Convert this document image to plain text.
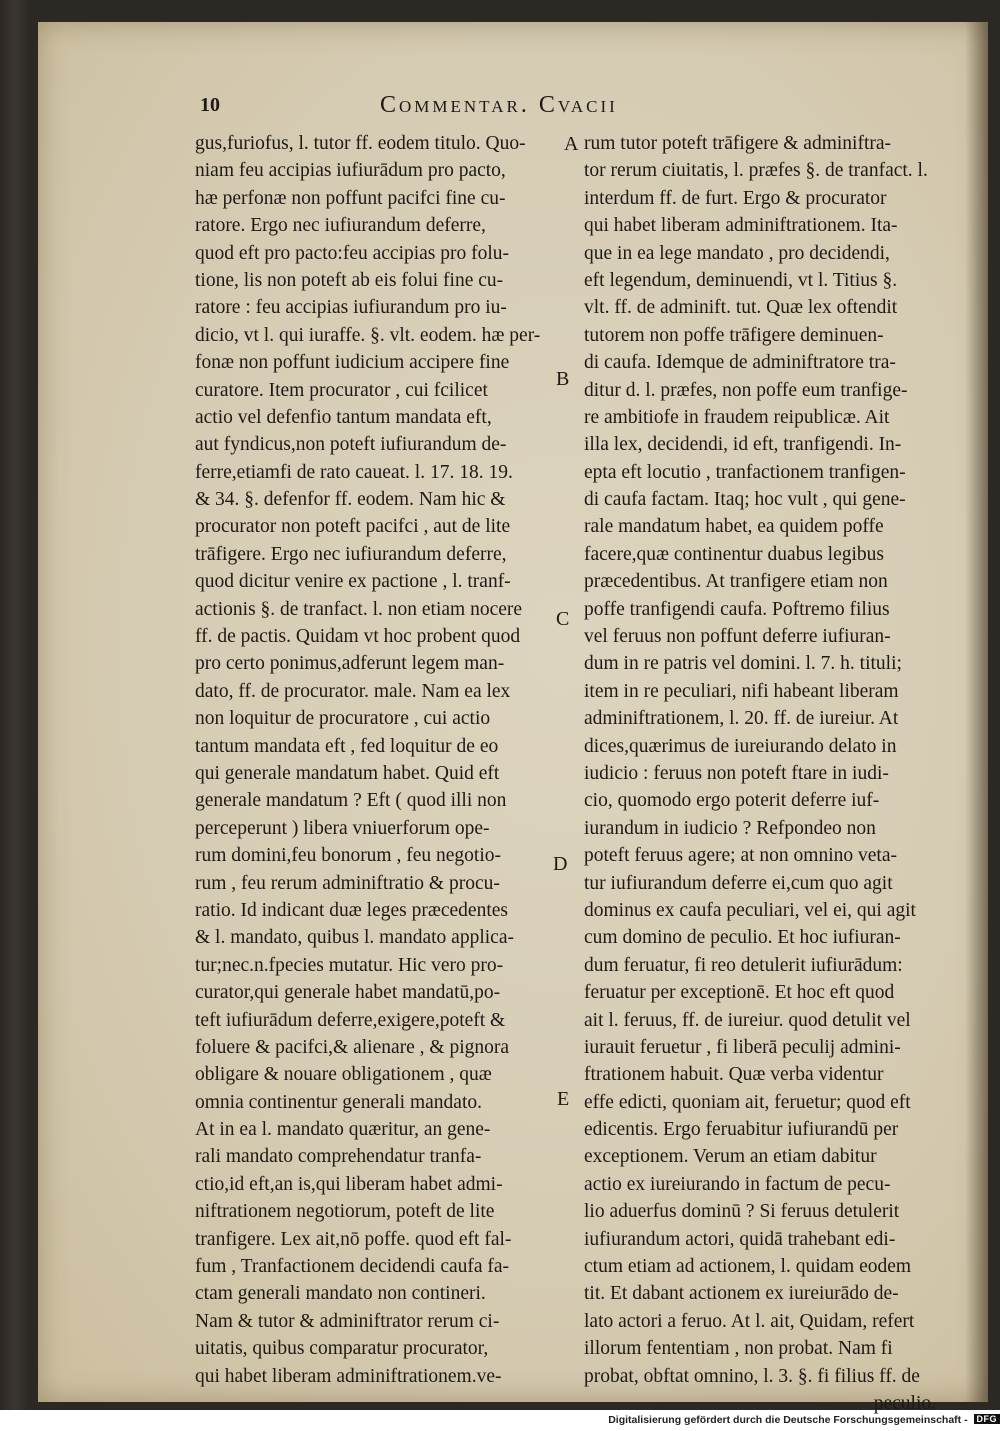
10	Commentar. Cvacii
gus,furiofus, l. tutor ff. eodem titulo. Quo-
niam feu accipias iufiurādum pro pacto,
hæ perfonæ non poffunt pacifci fine cu-
ratore. Ergo nec iufiurandum deferre,
quod eft pro pacto:feu accipias pro folu-
tione, lis non poteft ab eis folui fine cu-
ratore : feu accipias iufiurandum pro iu-
dicio, vt l. qui iuraffe. §. vlt. eodem. hæ per-
fonæ non poffunt iudicium accipere fine
curatore. Item procurator , cui fcilicet
actio vel defenfio tantum mandata eft,
aut fyndicus,non poteft iufiurandum de-
ferre,etiamfi de rato caueat. l. 17. 18. 19.
& 34. §. defenfor ff. eodem. Nam hic &
procurator non poteft pacifci , aut de lite
trāfigere. Ergo nec iufiurandum deferre,
quod dicitur venire ex pactione , l. tranf-
actionis §. de tranfact. l. non etiam nocere
ff. de pactis. Quidam vt hoc probent quod
pro certo ponimus,adferunt legem man-
dato, ff. de procurator. male. Nam ea lex
non loquitur de procuratore , cui actio
tantum mandata eft , fed loquitur de eo
qui generale mandatum habet. Quid eft
generale mandatum ? Eft ( quod illi non
perceperunt ) libera vniuerforum ope-
rum domini,feu bonorum , feu negotio-
rum , feu rerum adminiftratio & procu-
ratio. Id indicant duæ leges præcedentes
& l. mandato, quibus l. mandato applica-
tur;nec.n.fpecies mutatur. Hic vero pro-
curator,qui generale habet mandatū,po-
teft iufiurādum deferre,exigere,poteft &
foluere & pacifci,& alienare , & pignora
obligare & nouare obligationem , quæ
omnia continentur generali mandato.
At in ea l. mandato quæritur, an gene-
rali mandato comprehendatur tranfa-
ctio,id eft,an is,qui liberam habet admi-
niftrationem negotiorum, poteft de lite
tranfigere. Lex ait,nō poffe. quod eft fal-
fum , Tranfactionem decidendi caufa fa-
ctam generali mandato non contineri.
Nam & tutor & adminiftrator rerum ci-
uitatis, quibus comparatur procurator,
qui habet liberam adminiftrationem.ve-
rum tutor poteft trāfigere & adminiftra-
tor rerum ciuitatis, l. præfes §. de tranfact. l.
interdum ff. de furt. Ergo & procurator
qui habet liberam adminiftrationem. Ita-
que in ea lege mandato , pro decidendi,
eft legendum, deminuendi, vt l. Titius §.
vlt. ff. de adminift. tut. Quæ lex oftendit
tutorem non poffe trāfigere deminuen-
di caufa. Idemque de adminiftratore tra-
ditur d. l. præfes, non poffe eum tranfige-
re ambitiofe in fraudem reipublicæ. Ait
illa lex, decidendi, id eft, tranfigendi. In-
epta eft locutio , tranfactionem tranfigen-
di caufa factam. Itaq; hoc vult , qui gene-
rale mandatum habet, ea quidem poffe
facere,quæ continentur duabus legibus
præcedentibus. At tranfigere etiam non
poffe tranfigendi caufa. Poftremo filius
vel feruus non poffunt deferre iufiuran-
dum in re patris vel domini. l. 7. h. tituli;
item in re peculiari, nifi habeant liberam
adminiftrationem, l. 20. ff. de iureiur. At
dices,quærimus de iureiurando delato in
iudicio : feruus non poteft ftare in iudi-
cio, quomodo ergo poterit deferre iuf-
iurandum in iudicio ? Refpondeo non
poteft feruus agere; at non omnino veta-
tur iufiurandum deferre ei,cum quo agit
dominus ex caufa peculiari, vel ei, qui agit
cum domino de peculio. Et hoc iufiuran-
dum feruatur, fi reo detulerit iufiurādum:
feruatur per exceptionē. Et hoc eft quod
ait l. feruus, ff. de iureiur. quod detulit vel
iurauit feruetur , fi liberā peculij admini-
ftrationem habuit. Quæ verba videntur
effe edicti, quoniam ait, feruetur; quod eft
edicentis. Ergo feruabitur iufiurandū per
exceptionem. Verum an etiam dabitur
actio ex iureiurando in factum de pecu-
lio aduerfus dominū ? Si feruus detulerit
iufiurandum actori, quidā trahebant edi-
ctum etiam ad actionem, l. quidam eodem
tit. Et dabant actionem ex iureiurādo de-
lato actori a feruo. At l. ait, Quidam, refert
illorum fententiam , non probat. Nam fi
probat, obftat omnino, l. 3. §. fi filius ff. de
peculio.
A
B
C
D
E
Digitalisierung gefördert durch die Deutsche Forschungsgemeinschaft - DFG
